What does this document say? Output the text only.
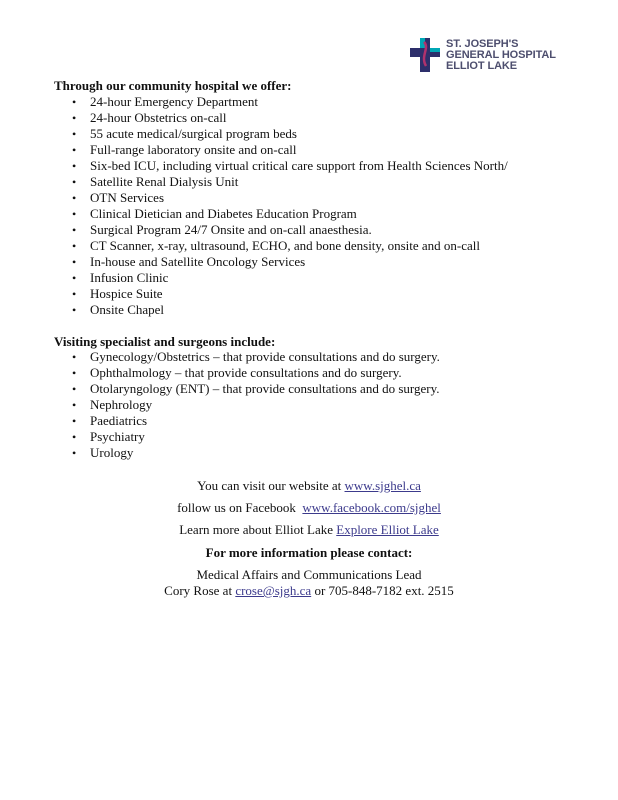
ST. JOSEPH'S
GENERAL HOSPITAL
ELLIOT LAKE
Through our community hospital we offer:
• 24-hour Emergency Department
• 24-hour Obstetrics on-call
• 55 acute medical/surgical program beds
• Full-range laboratory onsite and on-call
• Six-bed ICU, including virtual critical care support from Health Sciences North/
• Satellite Renal Dialysis Unit
• OTN Services
• Clinical Dietician and Diabetes Education Program
• Surgical Program 24/7 Onsite and on-call anaesthesia.
• CT Scanner, x-ray, ultrasound, ECHO, and bone density, onsite and on-call
• In-house and Satellite Oncology Services
• Infusion Clinic
• Hospice Suite
• Onsite Chapel
Visiting specialist and surgeons include:
• Gynecology/Obstetrics – that provide consultations and do surgery.
• Ophthalmology – that provide consultations and do surgery.
• Otolaryngology (ENT) – that provide consultations and do surgery.
• Nephrology
• Paediatrics
• Psychiatry
• Urology
You can visit our website at www.sjghel.ca
follow us on Facebook  www.facebook.com/sjghel
Learn more about Elliot Lake Explore Elliot Lake
For more information please contact:
Medical Affairs and Communications Lead
Cory Rose at crose@sjgh.ca or 705-848-7182 ext. 2515
